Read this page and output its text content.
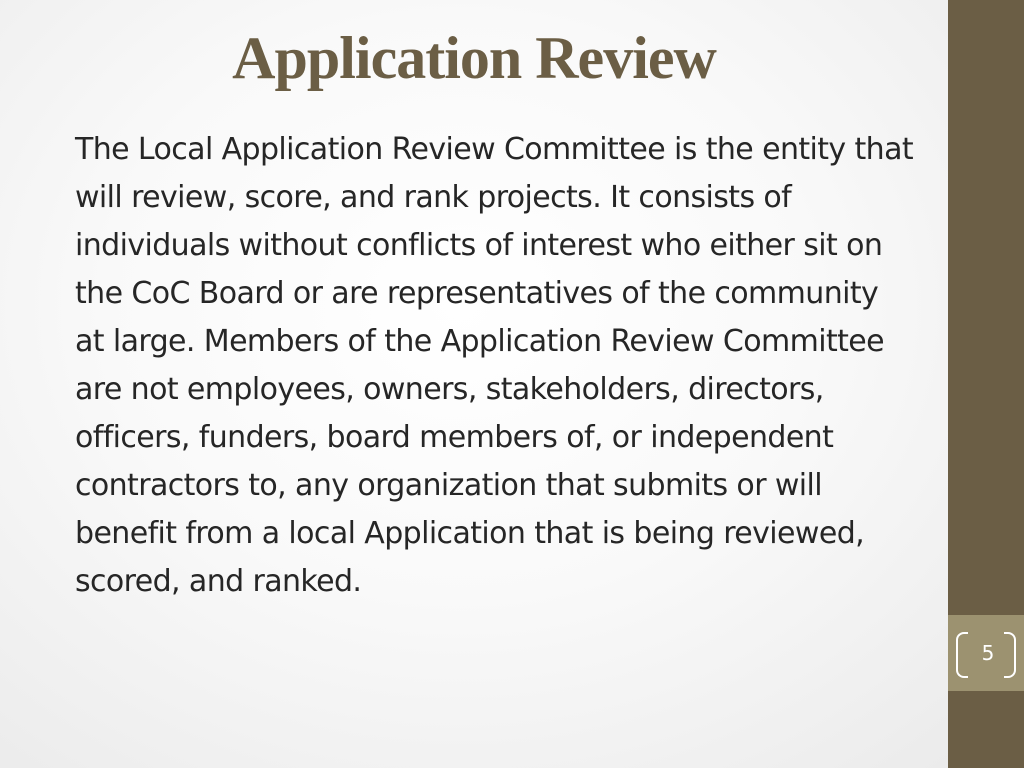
Application Review

The Local Application Review Committee is the entity that will review, score, and rank projects. It consists of individuals without conflicts of interest who either sit on the CoC Board or are representatives of the community at large. Members of the Application Review Committee are not employees, owners, stakeholders, directors, officers, funders, board members of, or independent contractors to, any organization that submits or will benefit from a local Application that is being reviewed, scored, and ranked.

5
